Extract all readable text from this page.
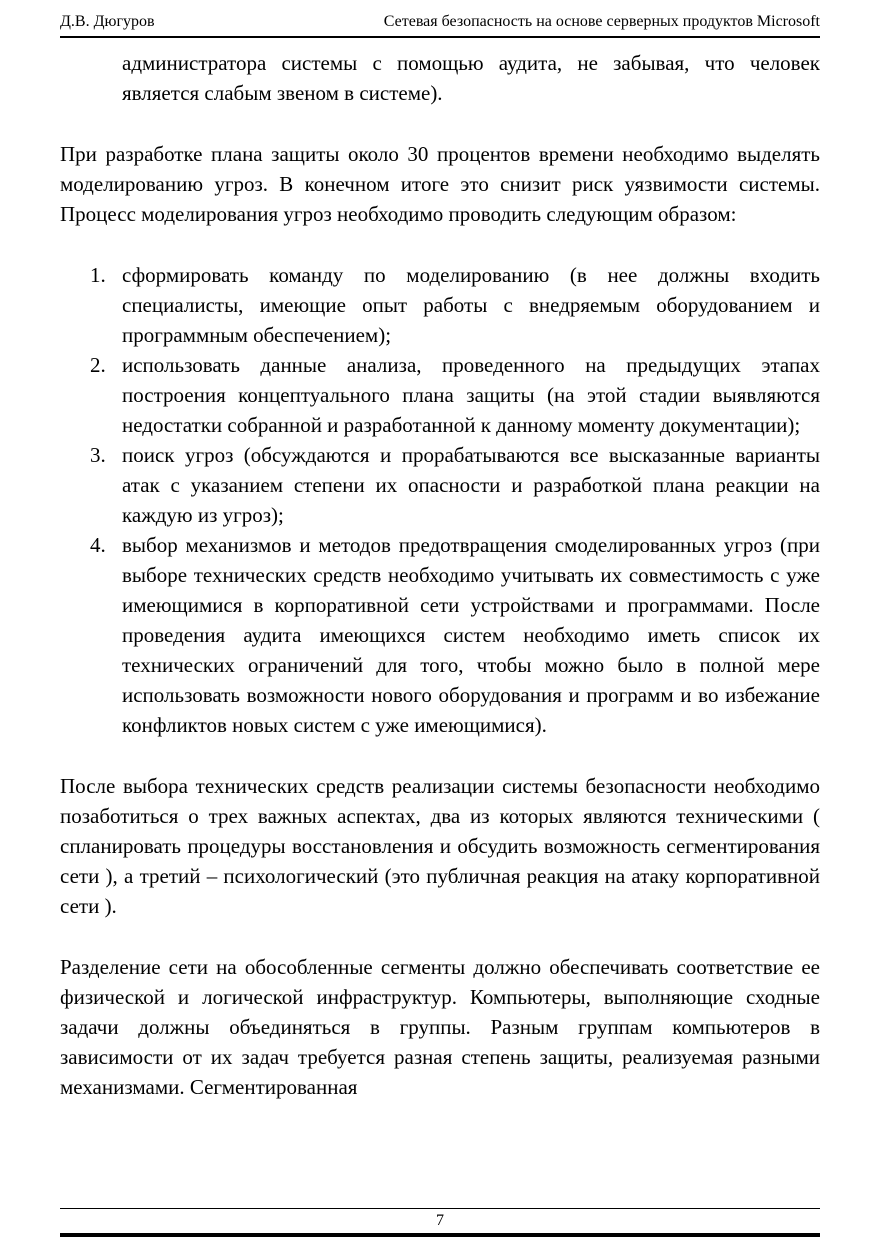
Д.В. Дюгуров	Сетевая безопасность на основе серверных продуктов Microsoft

администратора системы с помощью аудита, не забывая, что человек является слабым звеном в системе).

При разработке плана защиты около 30 процентов времени необходимо выделять моделированию угроз. В конечном итоге это снизит риск уязвимости системы. Процесс моделирования угроз необходимо проводить следующим образом:

1. сформировать команду по моделированию (в нее должны входить специалисты, имеющие опыт работы с внедряемым оборудованием и программным обеспечением);
2. использовать данные анализа, проведенного на предыдущих этапах построения концептуального плана защиты (на этой стадии выявляются недостатки собранной и разработанной к данному моменту документации);
3. поиск угроз (обсуждаются и прорабатываются все высказанные варианты атак с указанием степени их опасности и разработкой плана реакции на каждую из угроз);
4. выбор механизмов и методов предотвращения смоделированных угроз (при выборе технических средств необходимо учитывать их совместимость с уже имеющимися в корпоративной сети устройствами и программами. После проведения аудита имеющихся систем необходимо иметь список их технических ограничений для того, чтобы можно было в полной мере использовать возможности нового оборудования и программ и во избежание конфликтов новых систем с уже имеющимися).

После выбора технических средств реализации системы безопасности необходимо позаботиться о трех важных аспектах, два из которых являются техническими ( спланировать процедуры восстановления и обсудить возможность сегментирования сети ), а третий – психологический (это публичная реакция на атаку корпоративной сети ).

Разделение сети на обособленные сегменты должно обеспечивать соответствие ее физической и логической инфраструктур. Компьютеры, выполняющие сходные задачи должны объединяться в группы. Разным группам компьютеров в зависимости от их задач требуется разная степень защиты, реализуемая разными механизмами. Сегментированная

7
